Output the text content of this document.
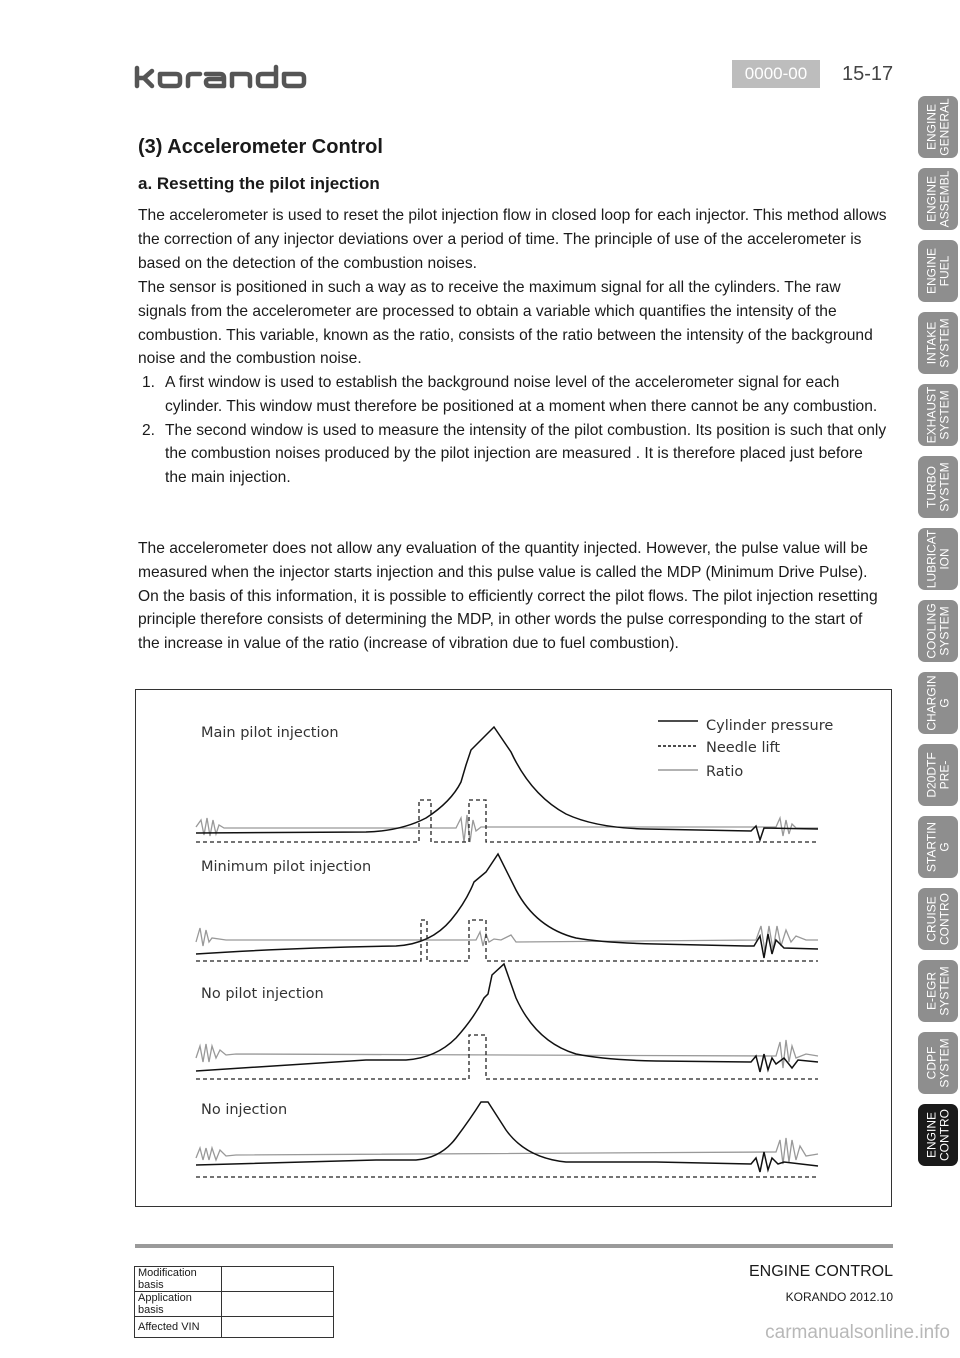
0000-00	15-17
(3) Accelerometer Control
a. Resetting the pilot injection

The accelerometer is used to reset the pilot injection flow in closed loop for each injector. This method allows the correction of any injector deviations over a period of time. The principle of use of the accelerometer is based on the detection of the combustion noises.

The sensor is positioned in such a way as to receive the maximum signal for all the cylinders. The raw signals from the accelerometer are processed to obtain a variable which quantifies the intensity of the combustion. This variable, known as the ratio, consists of the ratio between the intensity of the background noise and the combustion noise.

1. A first window is used to establish the background noise level of the accelerometer signal for each cylinder. This window must therefore be positioned at a moment when there cannot be any combustion.
2. The second window is used to measure the intensity of the pilot combustion. Its position is such that only the combustion noises produced by the pilot injection are measured . It is therefore placed just before the main injection.

The accelerometer does not allow any evaluation of the quantity injected. However, the pulse value will be measured when the injector starts injection and this pulse value is called the MDP (Minimum Drive Pulse). On the basis of this information, it is possible to efficiently correct the pilot flows. The pilot injection resetting principle therefore consists of determining the MDP, in other words the pulse corresponding to the start of the increase in value of the ratio (increase of vibration due to fuel combustion).

Cylinder pressure
Needle lift
Ratio
Main pilot injection
Minimum pilot injection
No pilot injection
No injection
ENGINE
GENERAL
ENGINE
ASSEMBL
ENGINE
FUEL
INTAKE
SYSTEM
EXHAUST
SYSTEM
TURBO
SYSTEM
LUBRICAT
ION
COOLING
SYSTEM
CHARGIN
G
D20DTF
PRE-
STARTIN
G
CRUISE
CONTRO
E-EGR
SYSTEM
CDPF
SYSTEM
ENGINE
CONTRO
Modification basis	
Application basis	
Affected VIN	
ENGINE CONTROL
KORANDO 2012.10
carmanualsonline.info
